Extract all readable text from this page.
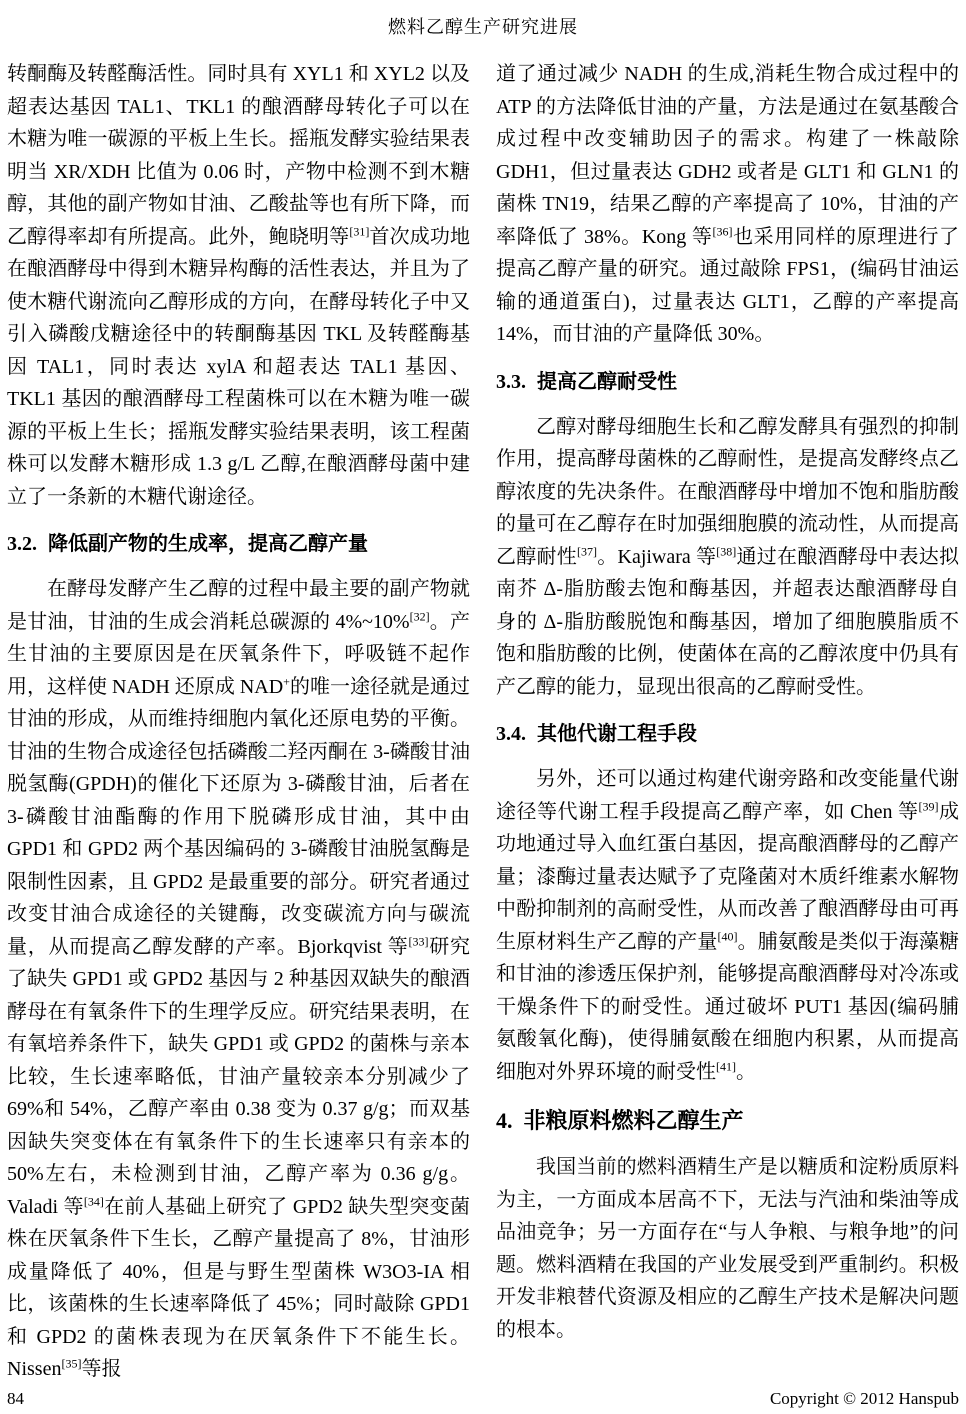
燃料乙醇生产研究进展

转酮酶及转醛酶活性。同时具有 XYL1 和 XYL2 以及超表达基因 TAL1、TKL1 的酿酒酵母转化子可以在木糖为唯一碳源的平板上生长。摇瓶发酵实验结果表明当 XR/XDH 比值为 0.06 时，产物中检测不到木糖醇，其他的副产物如甘油、乙酸盐等也有所下降，而乙醇得率却有所提高。此外，鲍晓明等[31]首次成功地在酿酒酵母中得到木糖异构酶的活性表达，并且为了使木糖代谢流向乙醇形成的方向，在酵母转化子中又引入磷酸戊糖途径中的转酮酶基因 TKL 及转醛酶基因 TAL1，同时表达 xylA 和超表达 TAL1 基因、TKL1 基因的酿酒酵母工程菌株可以在木糖为唯一碳源的平板上生长；摇瓶发酵实验结果表明，该工程菌株可以发酵木糖形成 1.3 g/L 乙醇,在酿酒酵母菌中建立了一条新的木糖代谢途径。

3.2. 降低副产物的生成率，提高乙醇产量

在酵母发酵产生乙醇的过程中最主要的副产物就是甘油，甘油的生成会消耗总碳源的 4%~10%[32]。产生甘油的主要原因是在厌氧条件下，呼吸链不起作用，这样使 NADH 还原成 NAD+的唯一途径就是通过甘油的形成，从而维持细胞内氧化还原电势的平衡。甘油的生物合成途径包括磷酸二羟丙酮在 3-磷酸甘油脱氢酶(GPDH)的催化下还原为 3-磷酸甘油，后者在 3-磷酸甘油酯酶的作用下脱磷形成甘油，其中由 GPD1 和 GPD2 两个基因编码的 3-磷酸甘油脱氢酶是限制性因素，且 GPD2 是最重要的部分。研究者通过改变甘油合成途径的关键酶，改变碳流方向与碳流量，从而提高乙醇发酵的产率。Bjorkqvist 等[33]研究了缺失 GPD1 或 GPD2 基因与 2 种基因双缺失的酿酒酵母在有氧条件下的生理学反应。研究结果表明，在有氧培养条件下，缺失 GPD1 或 GPD2 的菌株与亲本比较，生长速率略低，甘油产量较亲本分别减少了 69%和 54%，乙醇产率由 0.38 变为 0.37 g/g；而双基因缺失突变体在有氧条件下的生长速率只有亲本的 50%左右，未检测到甘油，乙醇产率为 0.36 g/g。Valadi 等[34]在前人基础上研究了 GPD2 缺失型突变菌株在厌氧条件下生长，乙醇产量提高了 8%，甘油形成量降低了 40%，但是与野生型菌株 W3O3-IA 相比，该菌株的生长速率降低了 45%；同时敲除 GPD1 和 GPD2 的菌株表现为在厌氧条件下不能生长。Nissen[35]等报

道了通过减少 NADH 的生成,消耗生物合成过程中的 ATP 的方法降低甘油的产量，方法是通过在氨基酸合成过程中改变辅助因子的需求。构建了一株敲除 GDH1，但过量表达 GDH2 或者是 GLT1 和 GLN1 的菌株 TN19，结果乙醇的产率提高了 10%，甘油的产率降低了 38%。Kong 等[36]也采用同样的原理进行了提高乙醇产量的研究。通过敲除 FPS1，(编码甘油运输的通道蛋白)，过量表达 GLT1，乙醇的产率提高 14%，而甘油的产量降低 30%。

3.3. 提高乙醇耐受性

乙醇对酵母细胞生长和乙醇发酵具有强烈的抑制作用，提高酵母菌株的乙醇耐性，是提高发酵终点乙醇浓度的先决条件。在酿酒酵母中增加不饱和脂肪酸的量可在乙醇存在时加强细胞膜的流动性，从而提高乙醇耐性[37]。Kajiwara 等[38]通过在酿酒酵母中表达拟南芥 Δ-脂肪酸去饱和酶基因，并超表达酿酒酵母自身的 Δ-脂肪酸脱饱和酶基因，增加了细胞膜脂质不饱和脂肪酸的比例，使菌体在高的乙醇浓度中仍具有产乙醇的能力，显现出很高的乙醇耐受性。

3.4. 其他代谢工程手段

另外，还可以通过构建代谢旁路和改变能量代谢途径等代谢工程手段提高乙醇产率，如 Chen 等[39]成功地通过导入血红蛋白基因，提高酿酒酵母的乙醇产量；漆酶过量表达赋予了克隆菌对木质纤维素水解物中酚抑制剂的高耐受性，从而改善了酿酒酵母由可再生原材料生产乙醇的产量[40]。脯氨酸是类似于海藻糖和甘油的渗透压保护剂，能够提高酿酒酵母对冷冻或干燥条件下的耐受性。通过破坏 PUT1 基因(编码脯氨酸氧化酶)，使得脯氨酸在细胞内积累，从而提高细胞对外界环境的耐受性[41]。

4. 非粮原料燃料乙醇生产

我国当前的燃料酒精生产是以糖质和淀粉质原料为主，一方面成本居高不下，无法与汽油和柴油等成品油竞争；另一方面存在“与人争粮、与粮争地”的问题。燃料酒精在我国的产业发展受到严重制约。积极开发非粮替代资源及相应的乙醇生产技术是解决问题的根本。

84	Copyright © 2012 Hanspub
